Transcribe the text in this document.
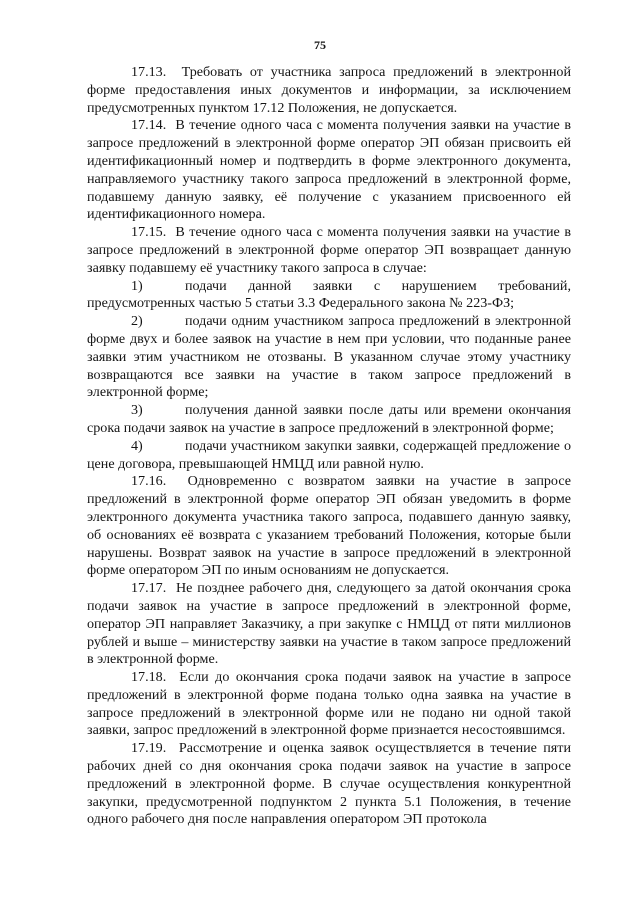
75

17.13. Требовать от участника запроса предложений в электронной форме предоставления иных документов и информации, за исключением предусмотренных пунктом 17.12 Положения, не допускается.

17.14. В течение одного часа с момента получения заявки на участие в запросе предложений в электронной форме оператор ЭП обязан присвоить ей идентификационный номер и подтвердить в форме электронного документа, направляемого участнику такого запроса предложений в электронной форме, подавшему данную заявку, её получение с указанием присвоенного ей идентификационного номера.

17.15. В течение одного часа с момента получения заявки на участие в запросе предложений в электронной форме оператор ЭП возвращает данную заявку подавшему её участнику такого запроса в случае:

1)	подачи данной заявки с нарушением требований, предусмотренных частью 5 статьи 3.3 Федерального закона № 223-ФЗ;

2)	подачи одним участником запроса предложений в электронной форме двух и более заявок на участие в нем при условии, что поданные ранее заявки этим участником не отозваны. В указанном случае этому участнику возвращаются все заявки на участие в таком запросе предложений в электронной форме;

3)	получения данной заявки после даты или времени окончания срока подачи заявок на участие в запросе предложений в электронной форме;

4)	подачи участником закупки заявки, содержащей предложение о цене договора, превышающей НМЦД или равной нулю.

17.16. Одновременно с возвратом заявки на участие в запросе предложений в электронной форме оператор ЭП обязан уведомить в форме электронного документа участника такого запроса, подавшего данную заявку, об основаниях её возврата с указанием требований Положения, которые были нарушены. Возврат заявок на участие в запросе предложений в электронной форме оператором ЭП по иным основаниям не допускается.

17.17. Не позднее рабочего дня, следующего за датой окончания срока подачи заявок на участие в запросе предложений в электронной форме, оператор ЭП направляет Заказчику, а при закупке с НМЦД от пяти миллионов рублей и выше – министерству заявки на участие в таком запросе предложений в электронной форме.

17.18. Если до окончания срока подачи заявок на участие в запросе предложений в электронной форме подана только одна заявка на участие в запросе предложений в электронной форме или не подано ни одной такой заявки, запрос предложений в электронной форме признается несостоявшимся.

17.19. Рассмотрение и оценка заявок осуществляется в течение пяти рабочих дней со дня окончания срока подачи заявок на участие в запросе предложений в электронной форме. В случае осуществления конкурентной закупки, предусмотренной подпунктом 2 пункта 5.1 Положения, в течение одного рабочего дня после направления оператором ЭП протокола
